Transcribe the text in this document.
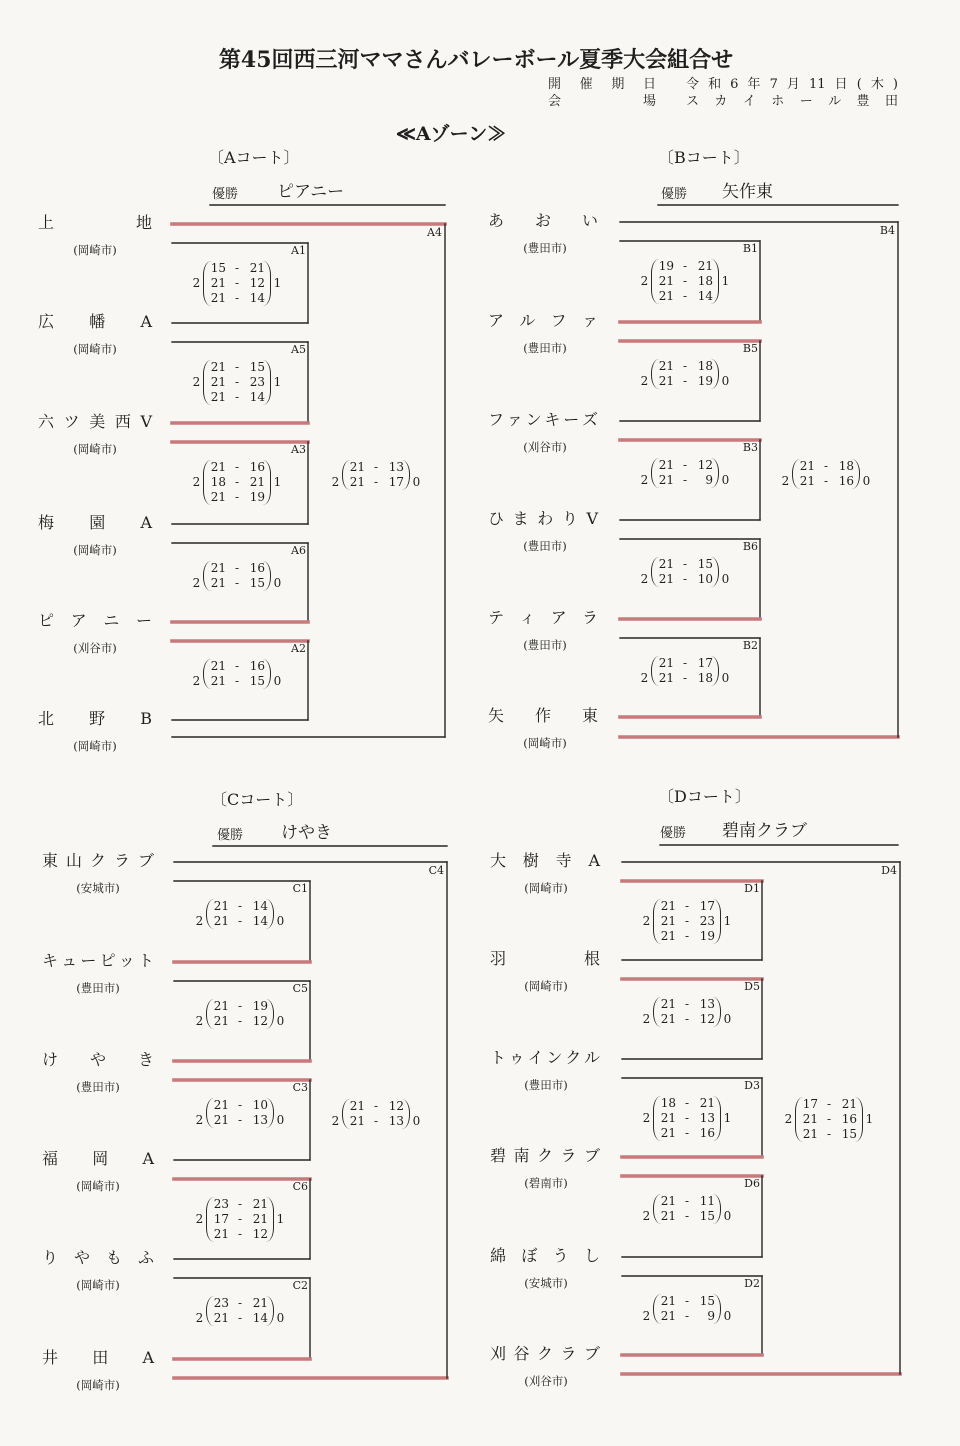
第45回西三河ママさんバレーボール夏季大会組合せ
開 催 期 日 令 和 6 年 7 月 11 日 ( 木 )
会	場 ス カ イ ホ ー ル 豊 田
≪Aゾーン≫
〔Aコート〕
優勝 ピアニー
上	地
(岡崎市)
広 幡 A
(岡崎市)
六 ツ 美 西 V
(岡崎市)
梅 園 A
(岡崎市)
ピ ア ニ ー
(刈谷市)
北 野 B
(岡崎市)
A4
2
21 - 13
21 - 17 0
A1
2
15 - 21
21 - 12
21 - 14
1
A5
2
21 - 15
21 - 23
21 - 14
1
A3
2
21 - 16
18 - 21
21 - 19
1
A6
2
21 - 16
21 - 15 0
A2
2
21 - 16
21 - 15 0
〔Bコート〕
優勝 矢作東
あ お い
(豊田市)
ア ル フ ァ
(豊田市)
フ ァ ン キ ー ズ
(刈谷市)
ひ ま わ り V
(豊田市)
テ ィ ア ラ
(豊田市)
矢 作 東
(岡崎市)
B4
2
21 - 18
21 - 16 0
B1
2
19 - 21
21 - 18
21 - 14
1
B5
2
21 - 18
21 - 19 0
B3
2
21 - 12
21 -	9 0
B6
2
21 - 15
21 - 10 0
B2
2
21 - 17
21 - 18 0
〔Cコート〕
優勝 けやき
東 山 ク ラ ブ
(安城市)
キ ュ ー ピ ッ ト
(豊田市)
け や き
(豊田市)
福 岡 A
(岡崎市)
り や も ふ
(岡崎市)
井 田 A
(岡崎市)
C4
2
21 - 12
21 - 13 0
C1
2
21 - 14
21 - 14 0
C5
2
21 - 19
21 - 12 0
C3
2
21 - 10
21 - 13 0
C6
2
23 - 21
17 - 21
21 - 12
1
C2
2
23 - 21
21 - 14 0
〔Dコート〕
優勝 碧南クラブ
大 樹 寺 A
(岡崎市)
羽	根
(岡崎市)
ト ゥ イ ン ク ル
(豊田市)
碧 南 ク ラ ブ
(碧南市)
綿 ぼ う し
(安城市)
刈 谷 ク ラ ブ
(刈谷市)
D4
2
17 - 21
21 - 16
21 - 15
1
D1
2
21 - 17
21 - 23
21 - 19
1
D5
2
21 - 13
21 - 12 0
D3
2
18 - 21
21 - 13
21 - 16
1
D6
2
21 - 11
21 - 15 0
D2
2
21 - 15
21 -	9 0
